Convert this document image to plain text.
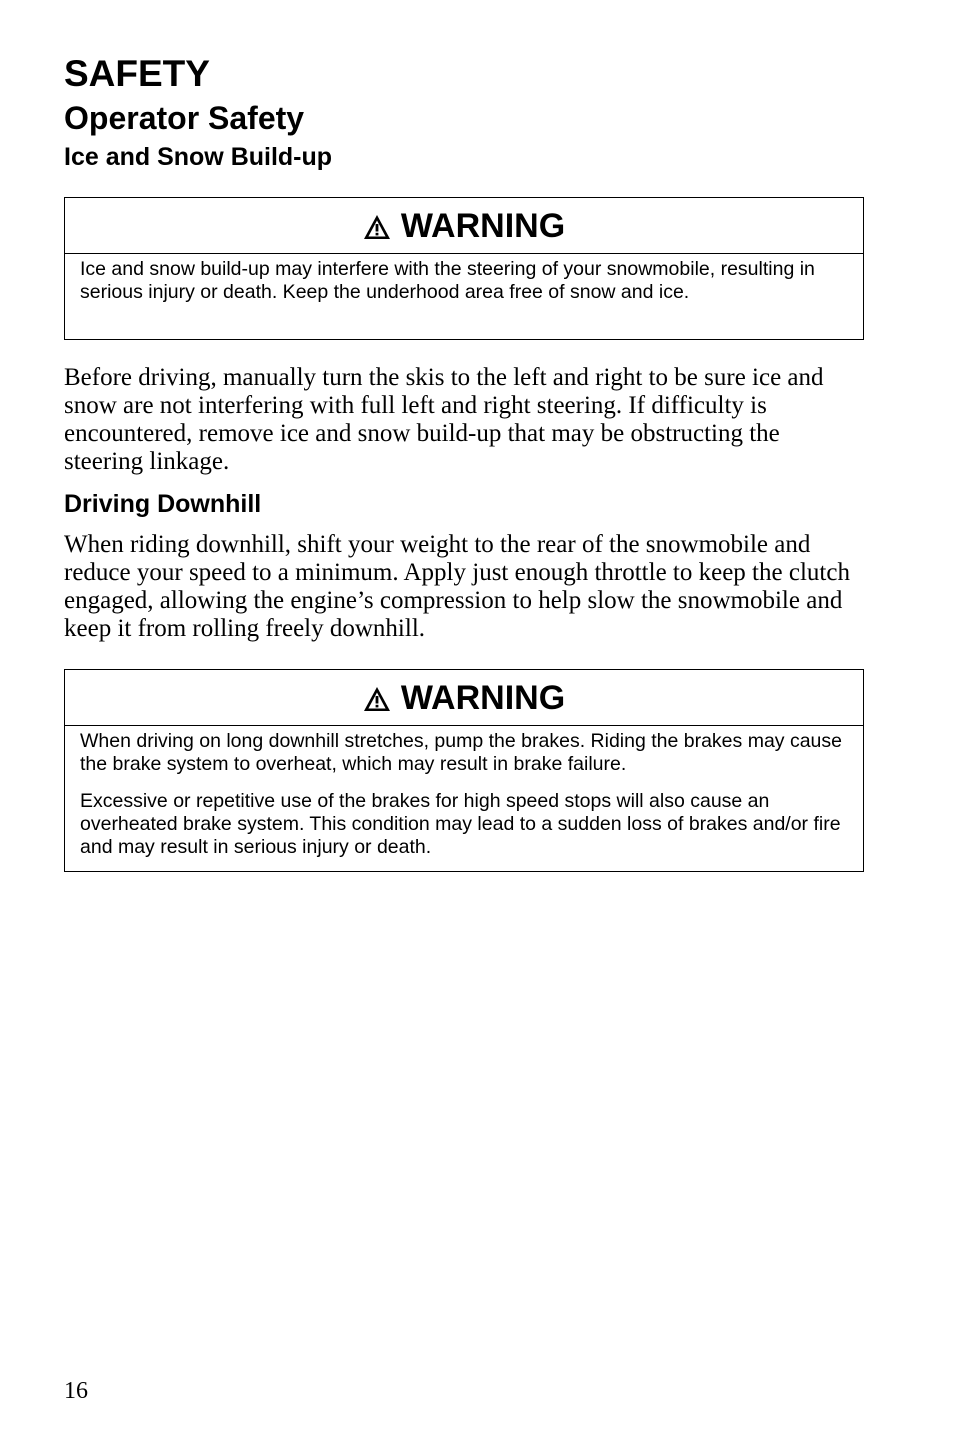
SAFETY
Operator Safety
Ice and Snow Build-up
WARNING

Ice and snow build-up may interfere with the steering of your snowmobile, resulting in serious injury or death. Keep the underhood area free of snow and ice.

Before driving, manually turn the skis to the left and right to be sure ice and snow are not interfering with full left and right steering. If difficulty is encountered, remove ice and snow build-up that may be obstructing the steering linkage.

Driving Downhill

When riding downhill, shift your weight to the rear of the snowmobile and reduce your speed to a minimum. Apply just enough throttle to keep the clutch engaged, allowing the engine’s compression to help slow the snowmobile and keep it from rolling freely downhill.

WARNING

When driving on long downhill stretches, pump the brakes. Riding the brakes may cause the brake system to overheat, which may result in brake failure.

Excessive or repetitive use of the brakes for high speed stops will also cause an overheated brake system. This condition may lead to a sudden loss of brakes and/or fire and may result in serious injury or death.

16
